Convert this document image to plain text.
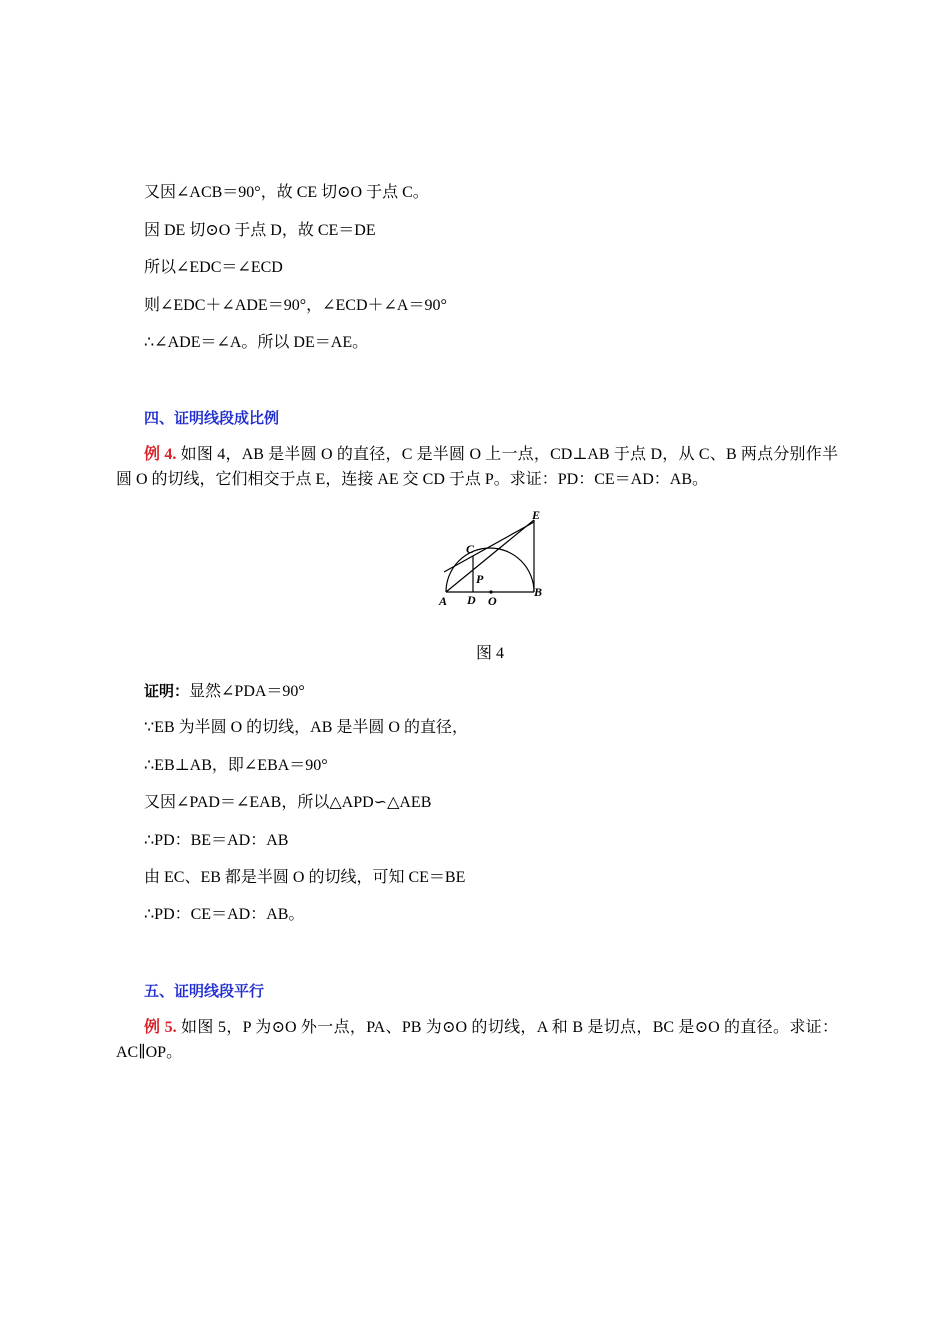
又因∠ACB＝90°，故 CE 切⊙O 于点 C。
因 DE 切⊙O 于点 D，故 CE＝DE
所以∠EDC＝∠ECD
则∠EDC＋∠ADE＝90°，∠ECD＋∠A＝90°
∴∠ADE＝∠A。所以 DE＝AE。
四、证明线段成比例
例 4. 如图 4，AB 是半圆 O 的直径，C 是半圆 O 上一点，CD⊥AB 于点 D，从 C、B 两点分别作半圆 O 的切线，它们相交于点 E，连接 AE 交 CD 于点 P。求证：PD：CE＝AD：AB。
E
C
P
A D O
B
图 4
证明：显然∠PDA＝90°
∵EB 为半圆 O 的切线，AB 是半圆 O 的直径，
∴EB⊥AB，即∠EBA＝90°
又因∠PAD＝∠EAB，所以△APD∽△AEB
∴PD：BE＝AD：AB
由 EC、EB 都是半圆 O 的切线，可知 CE＝BE
∴PD：CE＝AD：AB。
五、证明线段平行
例 5. 如图 5，P 为⊙O 外一点，PA、PB 为⊙O 的切线，A 和 B 是切点，BC 是⊙O 的直径。求证：AC∥OP。
